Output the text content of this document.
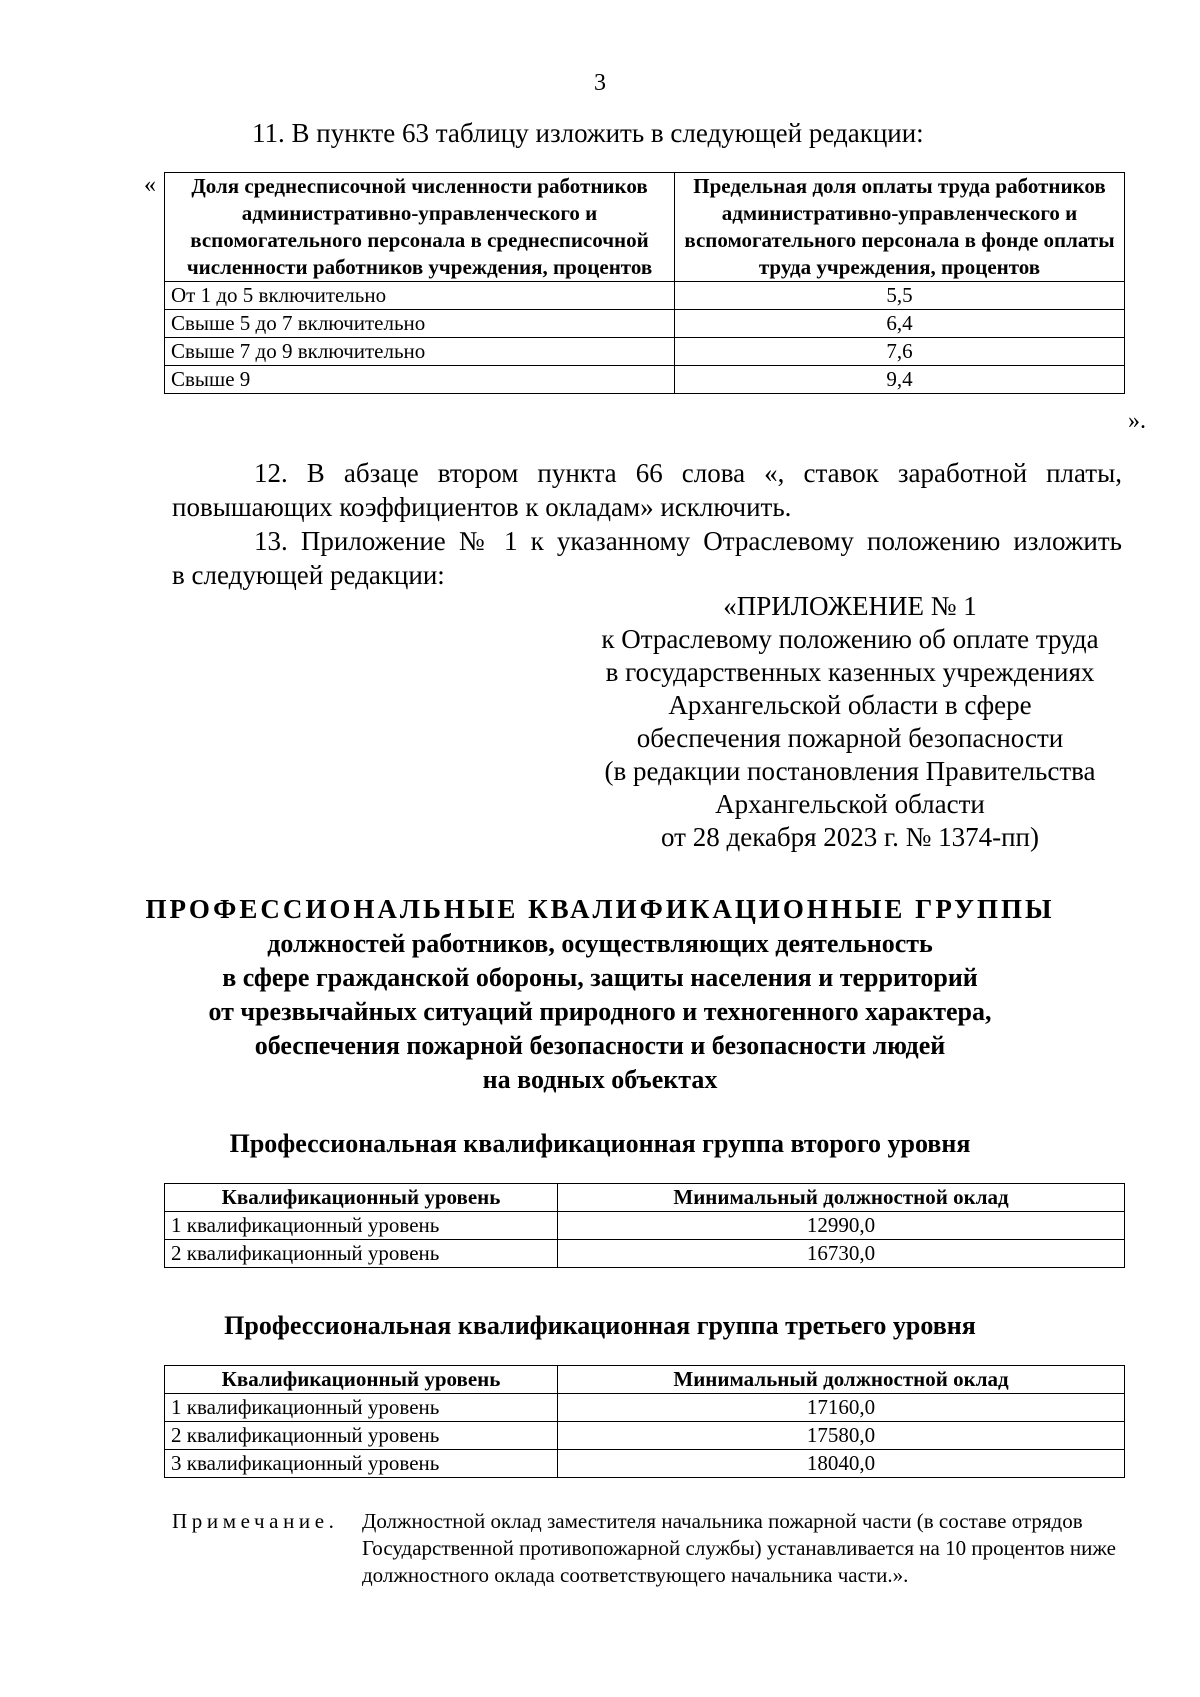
3
11. В пункте 63 таблицу изложить в следующей редакции:
« Доля среднесписочной численности работников административно-управленческого и вспомогательного персонала в среднесписочной численности работников учреждения, процентов	Предельная доля оплаты труда работников административно-управленческого и вспомогательного персонала в фонде оплаты труда учреждения, процентов
От 1 до 5 включительно	5,5
Свыше 5 до 7 включительно	6,4
Свыше 7 до 9 включительно	7,6
Свыше 9	9,4
».
12. В абзаце втором пункта 66 слова «, ставок заработной платы,
повышающих коэффициентов к окладам» исключить.
13. Приложение № 1 к указанному Отраслевому положению изложить
в следующей редакции:
«ПРИЛОЖЕНИЕ № 1
к Отраслевому положению об оплате труда
в государственных казенных учреждениях
Архангельской области в сфере
обеспечения пожарной безопасности
(в редакции постановления Правительства
Архангельской области
от 28 декабря 2023 г. № 1374-пп)
ПРОФЕССИОНАЛЬНЫЕ КВАЛИФИКАЦИОННЫЕ ГРУППЫ
должностей работников, осуществляющих деятельность
в сфере гражданской обороны, защиты населения и территорий
от чрезвычайных ситуаций природного и техногенного характера,
обеспечения пожарной безопасности и безопасности людей
на водных объектах
Профессиональная квалификационная группа второго уровня
Квалификационный уровень	Минимальный должностной оклад
1 квалификационный уровень	12990,0
2 квалификационный уровень	16730,0
Профессиональная квалификационная группа третьего уровня
Квалификационный уровень	Минимальный должностной оклад
1 квалификационный уровень	17160,0
2 квалификационный уровень	17580,0
3 квалификационный уровень	18040,0
Примечание. Должностной оклад заместителя начальника пожарной части (в составе отрядов Государственной противопожарной службы) устанавливается на 10 процентов ниже должностного оклада соответствующего начальника части.».
